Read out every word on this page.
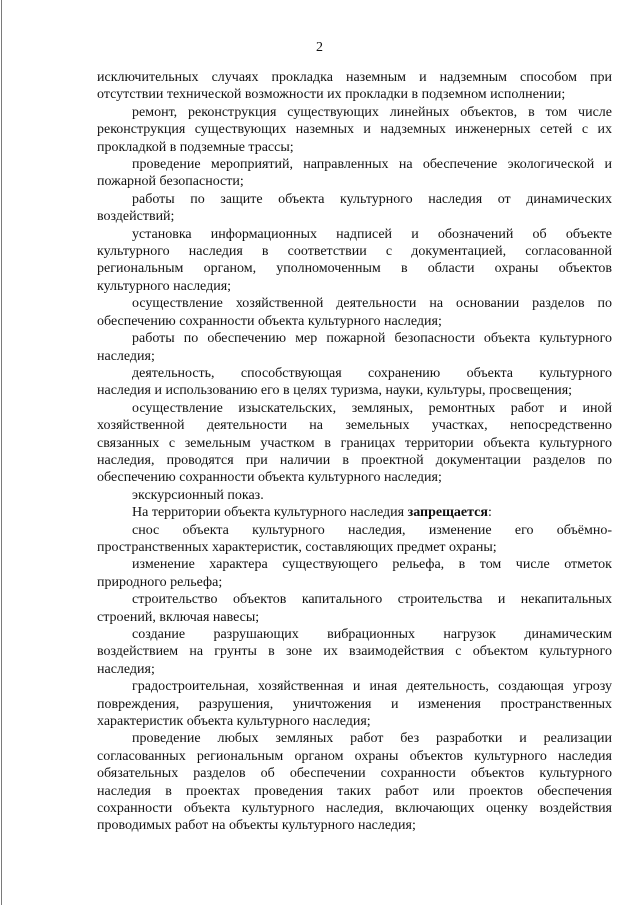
2
исключительных случаях прокладка наземным и надземным способом при
отсутствии технической возможности их прокладки в подземном исполнении;
ремонт, реконструкция существующих линейных объектов, в том числе
реконструкция существующих наземных и надземных инженерных сетей с их
прокладкой в подземные трассы;
проведение мероприятий, направленных на обеспечение экологической и
пожарной безопасности;
работы по защите объекта культурного наследия от динамических
воздействий;
установка информационных надписей и обозначений об объекте
культурного наследия в соответствии с документацией, согласованной
региональным органом, уполномоченным в области охраны объектов
культурного наследия;
осуществление хозяйственной деятельности на основании разделов по
обеспечению сохранности объекта культурного наследия;
работы по обеспечению мер пожарной безопасности объекта культурного
наследия;
деятельность, способствующая сохранению объекта культурного
наследия и использованию его в целях туризма, науки, культуры, просвещения;
осуществление изыскательских, земляных, ремонтных работ и иной
хозяйственной деятельности на земельных участках, непосредственно
связанных с земельным участком в границах территории объекта культурного
наследия, проводятся при наличии в проектной документации разделов по
обеспечению сохранности объекта культурного наследия;
экскурсионный показ.
На территории объекта культурного наследия запрещается:
снос объекта культурного наследия, изменение его объёмно-
пространственных характеристик, составляющих предмет охраны;
изменение характера существующего рельефа, в том числе отметок
природного рельефа;
строительство объектов капитального строительства и некапитальных
строений, включая навесы;
создание разрушающих вибрационных нагрузок динамическим
воздействием на грунты в зоне их взаимодействия с объектом культурного
наследия;
градостроительная, хозяйственная и иная деятельность, создающая угрозу
повреждения, разрушения, уничтожения и изменения пространственных
характеристик объекта культурного наследия;
проведение любых земляных работ без разработки и реализации
согласованных региональным органом охраны объектов культурного наследия
обязательных разделов об обеспечении сохранности объектов культурного
наследия в проектах проведения таких работ или проектов обеспечения
сохранности объекта культурного наследия, включающих оценку воздействия
проводимых работ на объекты культурного наследия;
